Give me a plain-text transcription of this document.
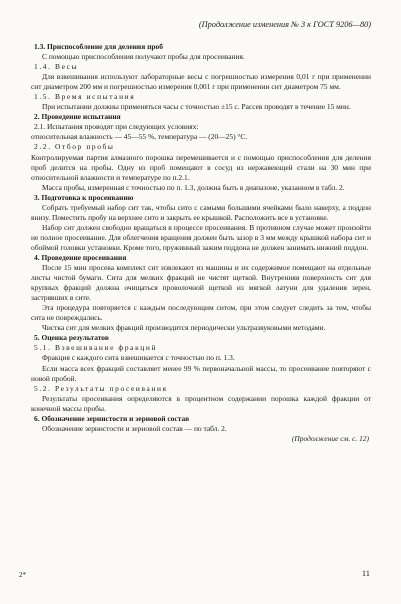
(Продолжение изменения № 3 к ГОСТ 9206—80)

1.3. Приспособление для деления проб

С помощью приспособления получают пробы для просеивания.

1.4. Весы

Для взвешивания используют лабораторные весы с погрешностью измерения 0,01 г при применении сит диаметром 200 мм и погрешностью измерения 0,001 г при применении сит диаметром 75 мм.

1.5. Время испытания

При испытании должны применяться часы с точностью ±15 с. Рассев проводят в течение 15 мин.

2. Проведение испытания

2.1. Испытания проводят при следующих условиях:

относительная влажность — 45—55 %, температура — (20—25) °С.

2.2. Отбор пробы

Контролируемая партия алмазного порошка перемешивается и с помощью приспособления для деления проб делится на пробы. Одну из проб помещают в сосуд из нержавеющей стали на 30 мин при относительной влажности и температуре по п.2.1.

Масса пробы, измеренная с точностью по п. 1.3, должна быть в диапазоне, указанном в табл. 2.

3. Подготовка к просеиванию

Собрать требуемый набор сит так, чтобы сито с самыми большими ячейками было наверху, а поддон внизу. Поместить пробу на верхнее сито и закрыть ее крышкой. Расположить все в установке.

Набор сит должен свободно вращаться в процессе просеивания. В противном случае может произойти не полное просеивание. Для облегчения вращения должен быть зазор в 3 мм между крышкой набора сит и обоймой головки установки. Кроме того, пружинный зажим поддона не должен занимать нижний поддон.

4. Проведение просеивания

После 15 мин просева комплект сит извлекают из машины и их содержимое помещают на отдельные листы чистой бумаги. Сита для мелких фракций не чистят щеткой. Внутренняя поверхность сит для крупных фракций должна очищаться проволочной щеткой из мягкой латуни для удаления зерен, застрявших в сите.

Эта процедура повторяется с каждым последующим ситом, при этом следует следить за тем, чтобы сита не повреждались.

Чистка сит для мелких фракций производится периодически ультразвуковыми методами.

5. Оценка результатов

5.1. Взвешивание фракций

Фракция с каждого сита взвешивается с точностью по п. 1.3.

Если масса всех фракций составляет менее 99 % первоначальной массы, то просеивание повторяют с новой пробой.

5.2. Результаты просеивания

Результаты просеивания определяются в процентном содержании порошка каждой фракции от конечной массы пробы.

6. Обозначение зернистости и зерновой состав

Обозначение зернистости и зерновой состав — по табл. 2.

(Продолжение см. с. 12)

2*	11
